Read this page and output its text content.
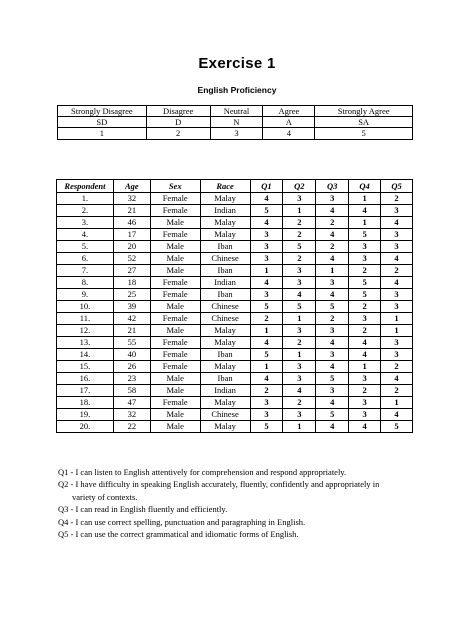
Exercise 1
English Proficiency
Strongly Disagree	Disagree	Neutral	Agree	Strongly Agree
SD	D	N	A	SA
1	2	3	4	5
Respondent	Age	Sex	Race	Q1	Q2	Q3	Q4	Q5
1.	32	Female	Malay	4	3	3	1	2
2.	21	Female	Indian	5	1	4	4	3
3.	46	Male	Malay	4	2	2	1	4
4.	17	Female	Malay	3	2	4	5	3
5.	20	Male	Iban	3	5	2	3	3
6.	52	Male	Chinese	3	2	4	3	4
7.	27	Male	Iban	1	3	1	2	2
8.	18	Female	Indian	4	3	3	5	4
9.	25	Female	Iban	3	4	4	5	3
10.	39	Male	Chinese	5	5	5	2	3
11.	42	Female	Chinese	2	1	2	3	1
12.	21	Male	Malay	1	3	3	2	1
13.	55	Female	Malay	4	2	4	4	3
14.	40	Female	Iban	5	1	3	4	3
15.	26	Female	Malay	1	3	4	1	2
16.	23	Male	Iban	4	3	5	3	4
17.	58	Male	Indian	2	4	3	2	2
18.	47	Female	Malay	3	2	4	3	1
19.	32	Male	Chinese	3	3	5	3	4
20.	22	Male	Malay	5	1	4	4	5

Q1 - I can listen to English attentively for comprehension and respond appropriately.

Q2 - I have difficulty in speaking English accurately, fluently, confidently and appropriately in

variety of contexts.

Q3 - I can read in English fluently and efficiently.

Q4 - I can use correct spelling, punctuation and paragraphing in English.

Q5 - I can use the correct grammatical and idiomatic forms of English.
